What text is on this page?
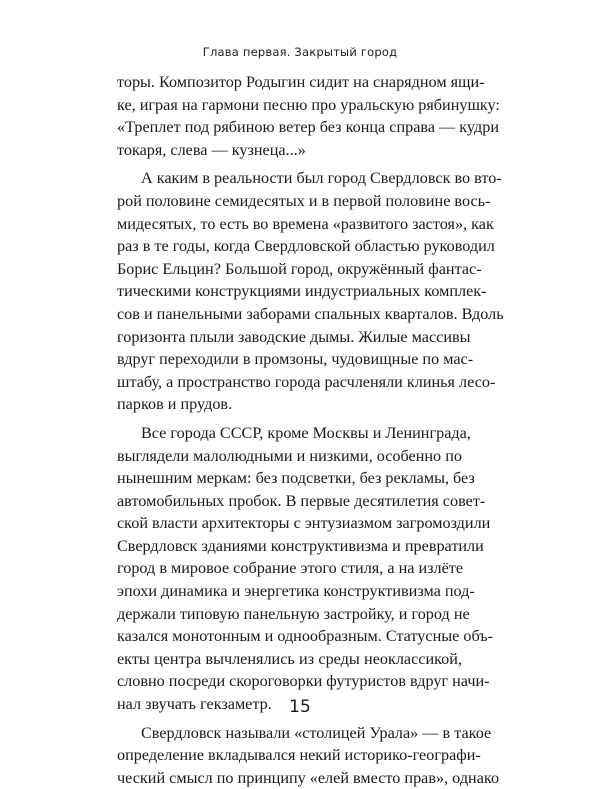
Глава первая. Закрытый город
торы. Композитор Родыгин сидит на снарядном ящи-
ке, играя на гармони песню про уральскую рябинушку:
«Треплет под рябиною ветер без конца справа — кудри
токаря, слева — кузнеца...»
А каким в реальности был город Свердловск во вто-
рой половине семидесятых и в первой половине вось-
мидесятых, то есть во времена «развитого застоя», как
раз в те годы, когда Свердловской областью руководил
Борис Ельцин? Большой город, окружённый фантас-
тическими конструкциями индустриальных комплек-
сов и панельными заборами спальных кварталов. Вдоль
горизонта плыли заводские дымы. Жилые массивы
вдруг переходили в промзоны, чудовищные по мас-
штабу, а пространство города расчленяли клинья лесо-
парков и прудов.
Все города СССР, кроме Москвы и Ленинграда,
выглядели малолюдными и низкими, особенно по
нынешним меркам: без подсветки, без рекламы, без
автомобильных пробок. В первые десятилетия совет-
ской власти архитекторы с энтузиазмом загромоздили
Свердловск зданиями конструктивизма и превратили
город в мировое собрание этого стиля, а на излёте
эпохи динамика и энергетика конструктивизма под-
держали типовую панельную застройку, и город не
казался монотонным и однообразным. Статусные объ-
екты центра вычленялись из среды неоклассикой,
словно посреди скороговорки футуристов вдруг начи-
нал звучать гекзаметр.
Свердловск называли «столицей Урала» — в такое
определение вкладывался некий историко-географи-
ческий смысл по принципу «елей вместо прав», однако
15
